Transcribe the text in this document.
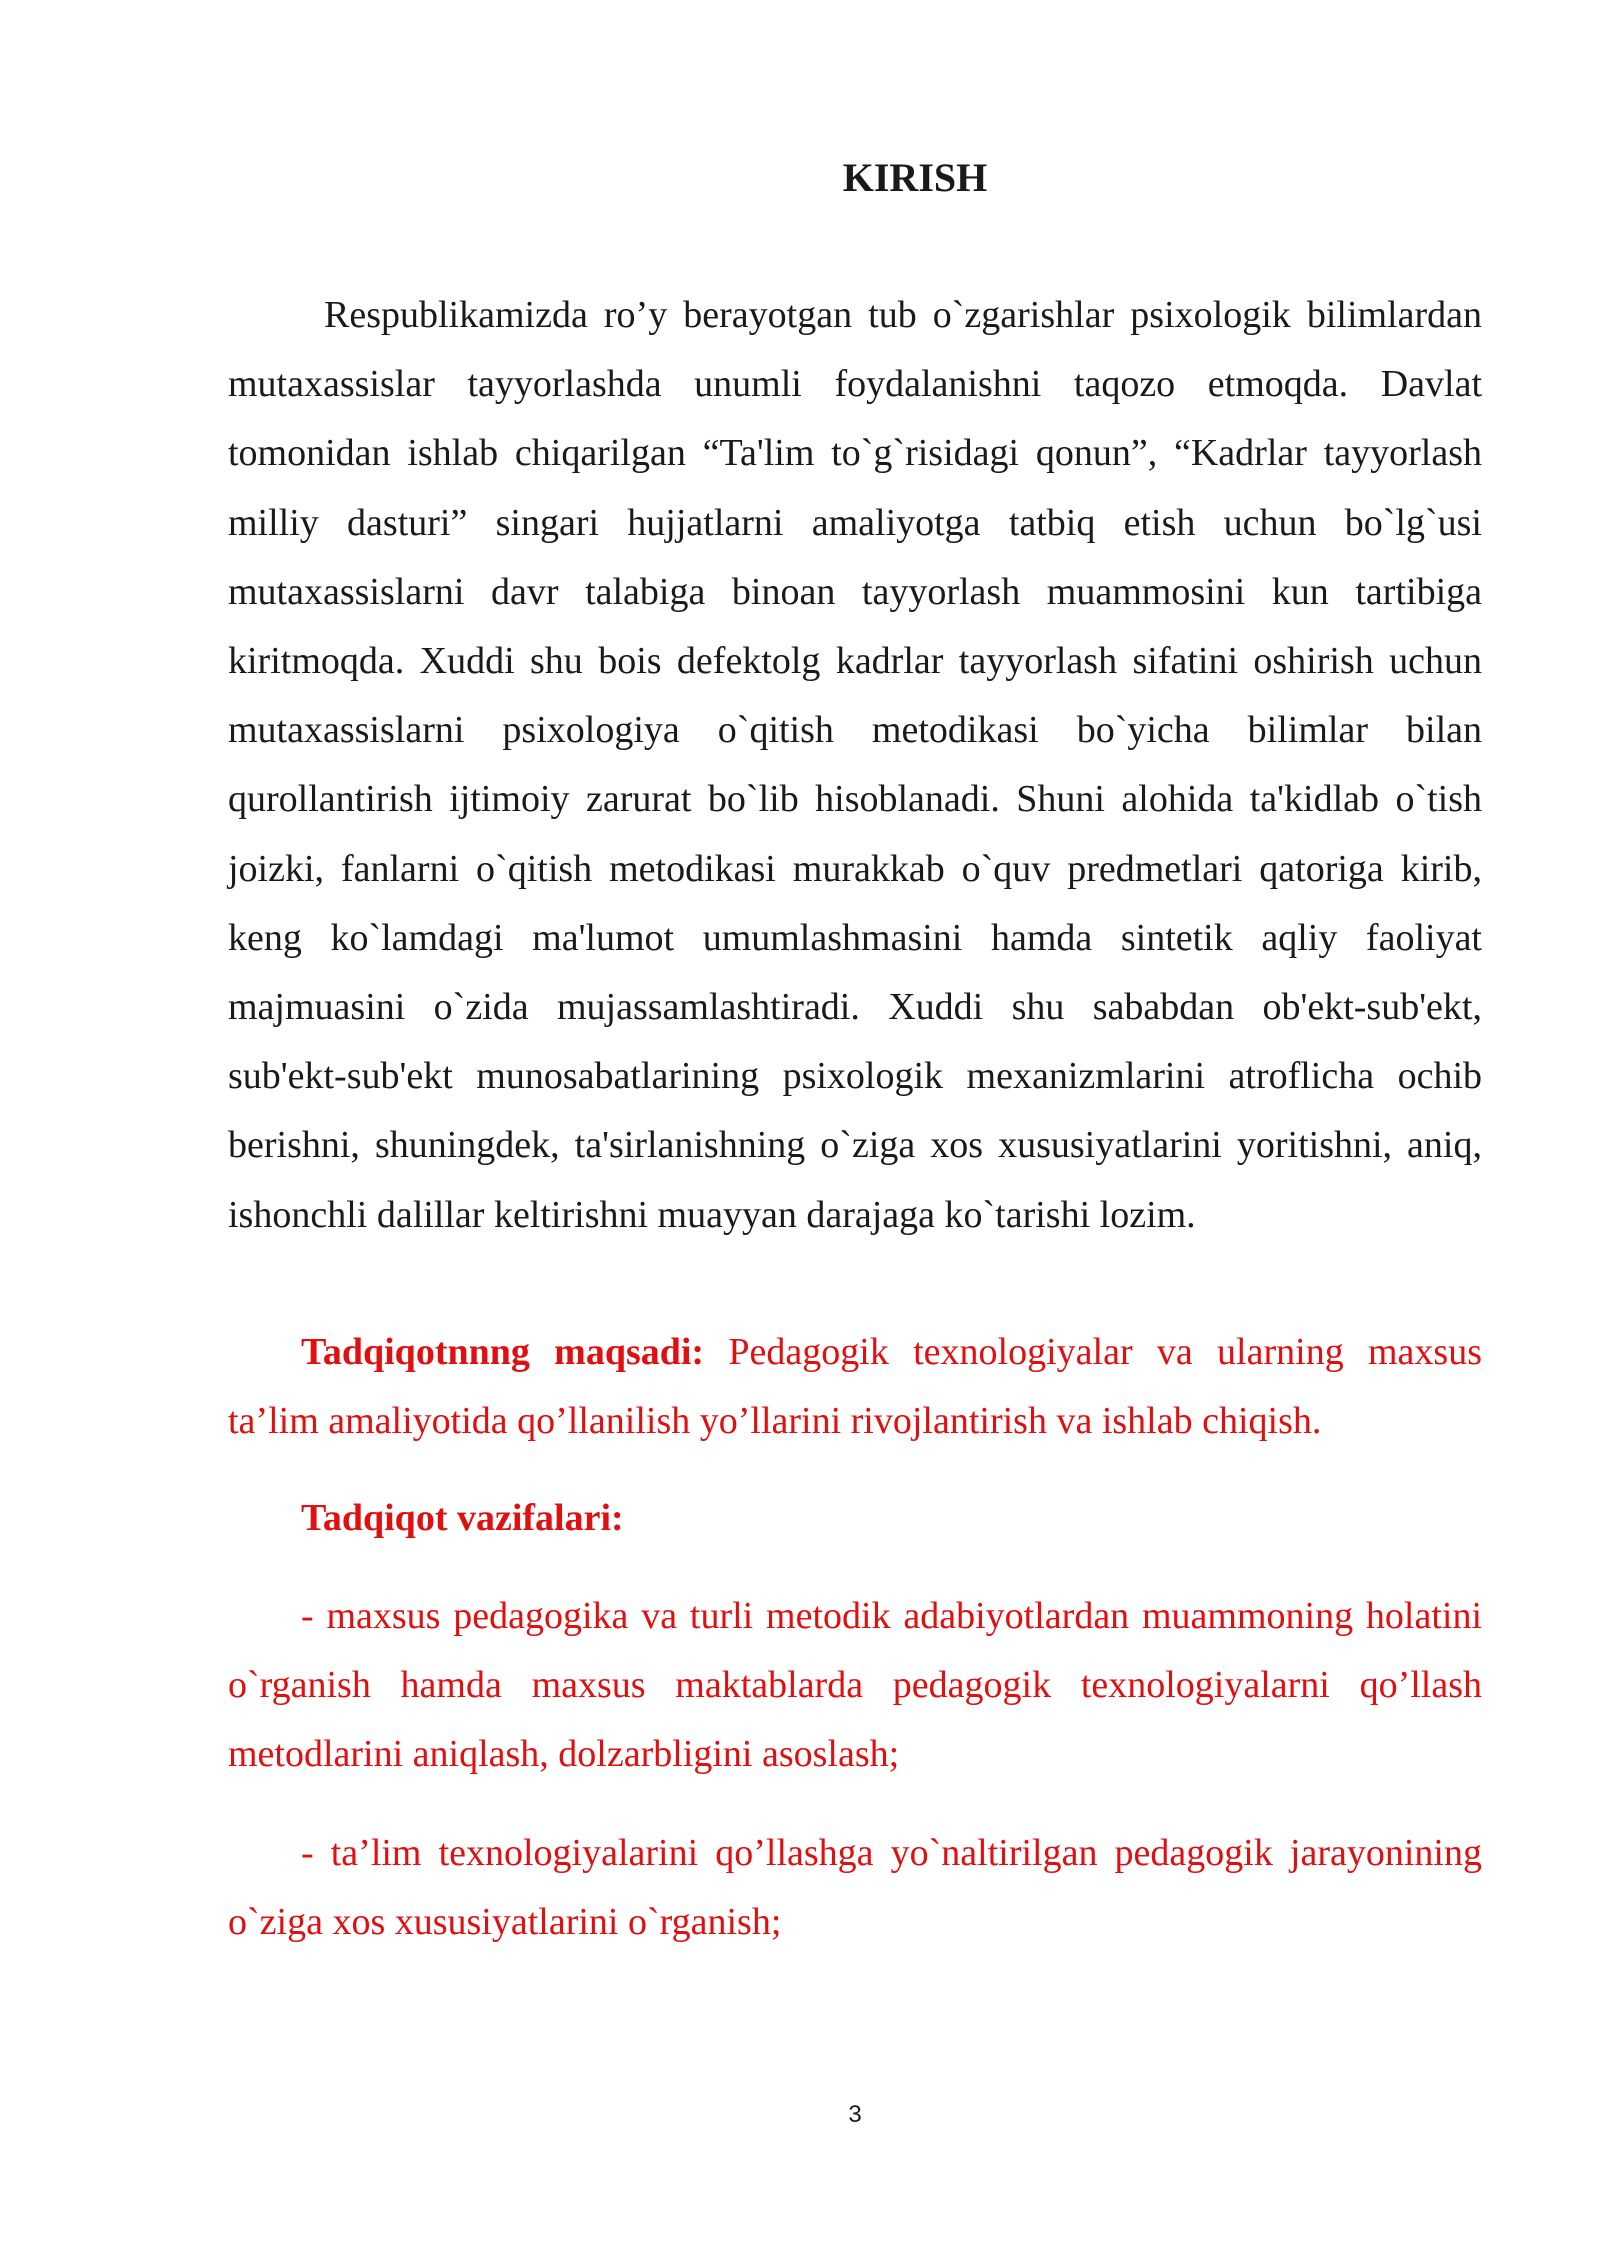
KIRISH

Respublikamizda ro’y berayotgan tub o`zgarishlar psixologik bilimlardan mutaxassislar tayyorlashda unumli foydalanishni taqozo etmoqda. Davlat tomonidan ishlab chiqarilgan “Ta'lim to`g`risidagi qonun”, “Kadrlar tayyorlash milliy dasturi” singari hujjatlarni amaliyotga tatbiq etish uchun bo`lg`usi mutaxassislarni davr talabiga binoan tayyorlash muammosini kun tartibiga kiritmoqda. Xuddi shu bois defektolg kadrlar tayyorlash sifatini oshirish uchun mutaxassislarni psixologiya o`qitish metodikasi bo`yicha bilimlar bilan qurollantirish ijtimoiy zarurat bo`lib hisoblanadi. Shuni alohida ta'kidlab o`tish joizki, fanlarni o`qitish metodikasi murakkab o`quv predmetlari qatoriga kirib, keng ko`lamdagi ma'lumot umumlashmasini hamda sintetik aqliy faoliyat majmuasini o`zida mujassamlashtiradi. Xuddi shu sababdan ob'ekt-sub'ekt, sub'ekt-sub'ekt munosabatlarining psixologik mexanizmlarini atroflicha ochib berishni, shuningdek, ta'sirlanishning o`ziga xos xususiyatlarini yoritishni, aniq, ishonchli dalillar keltirishni muayyan darajaga ko`tarishi lozim.

Tadqiqotnnng maqsadi: Pedagogik texnologiyalar va ularning maxsus ta’lim amaliyotida qo’llanilish yo’llarini rivojlantirish va ishlab chiqish.

Tadqiqot vazifalari:

- maxsus pedagogika va turli metodik adabiyotlardan muammoning holatini o`rganish hamda maxsus maktablarda pedagogik texnologiyalarni qo’llash metodlarini aniqlash, dolzarbligini asoslash;

- ta’lim texnologiyalarini qo’llashga yo`naltirilgan pedagogik jarayonining o`ziga xos xususiyatlarini o`rganish;

3
